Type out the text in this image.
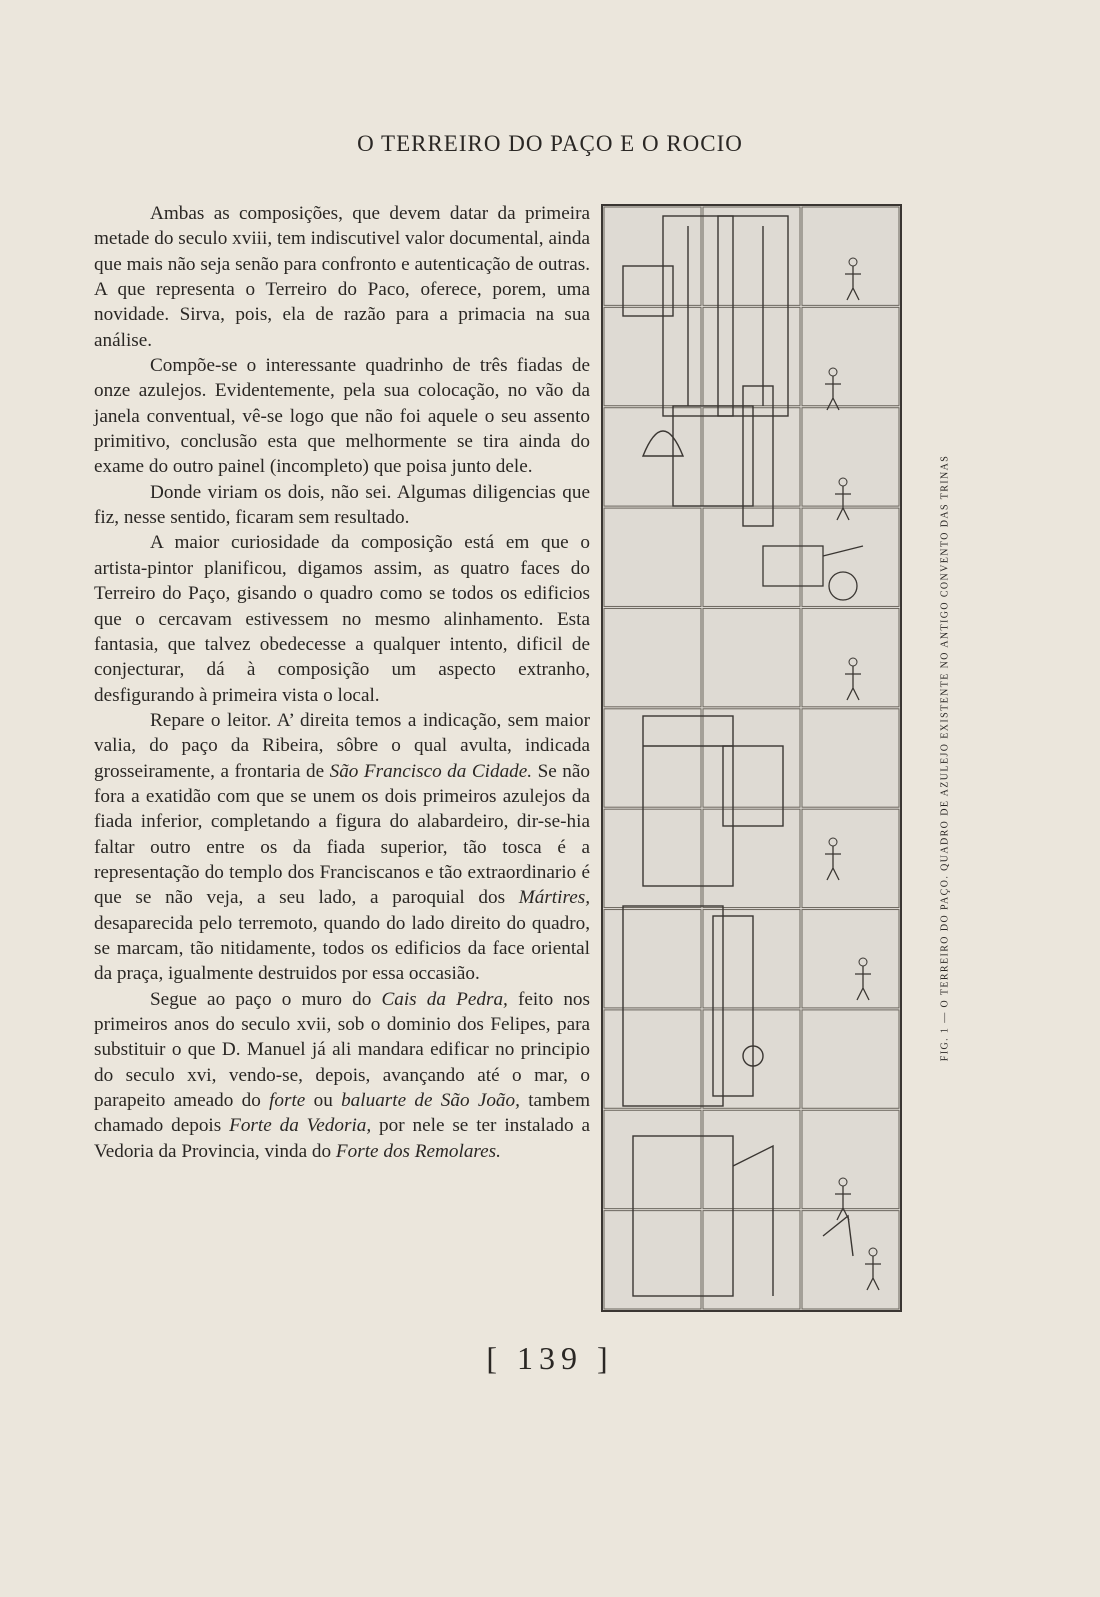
O TERREIRO DO PAÇO E O ROCIO

Ambas as composições, que devem datar da primeira metade do seculo xviii, tem indiscutivel valor documental, ainda que mais não seja senão para confronto e autenticação de outras. A que representa o Terreiro do Paco, oferece, porem, uma novidade. Sirva, pois, ela de razão para a primacia na sua análise.

Compõe-se o interessante quadrinho de três fiadas de onze azulejos. Evidentemente, pela sua colocação, no vão da janela conventual, vê-se logo que não foi aquele o seu assento primitivo, conclusão esta que melhormente se tira ainda do exame do outro painel (incompleto) que poisa junto dele.

Donde viriam os dois, não sei. Algumas diligencias que fiz, nesse sentido, ficaram sem resultado.

A maior curiosidade da composição está em que o artista-pintor planificou, digamos assim, as quatro faces do Terreiro do Paço, gisando o quadro como se todos os edificios que o cercavam estivessem no mesmo alinhamento. Esta fantasia, que talvez obedecesse a qualquer intento, dificil de conjecturar, dá à composição um aspecto extranho, desfigurando à primeira vista o local.

Repare o leitor. A’ direita temos a indicação, sem maior valia, do paço da Ribeira, sôbre o qual avulta, indicada grosseiramente, a frontaria de São Francisco da Cidade. Se não fora a exatidão com que se unem os dois primeiros azulejos da fiada inferior, completando a figura do alabardeiro, dir-se-hia faltar outro entre os da fiada superior, tão tosca é a representação do templo dos Franciscanos e tão extraordinario é que se não veja, a seu lado, a paroquial dos Mártires, desaparecida pelo terremoto, quando do lado direito do quadro, se marcam, tão nitidamente, todos os edificios da face oriental da praça, igualmente destruidos por essa occasião.

Segue ao paço o muro do Cais da Pedra, feito nos primeiros anos do seculo xvii, sob o dominio dos Felipes, para substituir o que D. Manuel já ali mandara edificar no principio do seculo xvi, vendo-se, depois, avançando até o mar, o parapeito ameado do forte ou baluarte de São João, tambem chamado depois Forte da Vedoria, por nele se ter instalado a Vedoria da Provincia, vinda do Forte dos Remolares.

FIG. 1 — O TERREIRO DO PAÇO. QUADRO DE AZULEJO EXISTENTE NO ANTIGO CONVENTO DAS TRINAS
[ 139 ]
